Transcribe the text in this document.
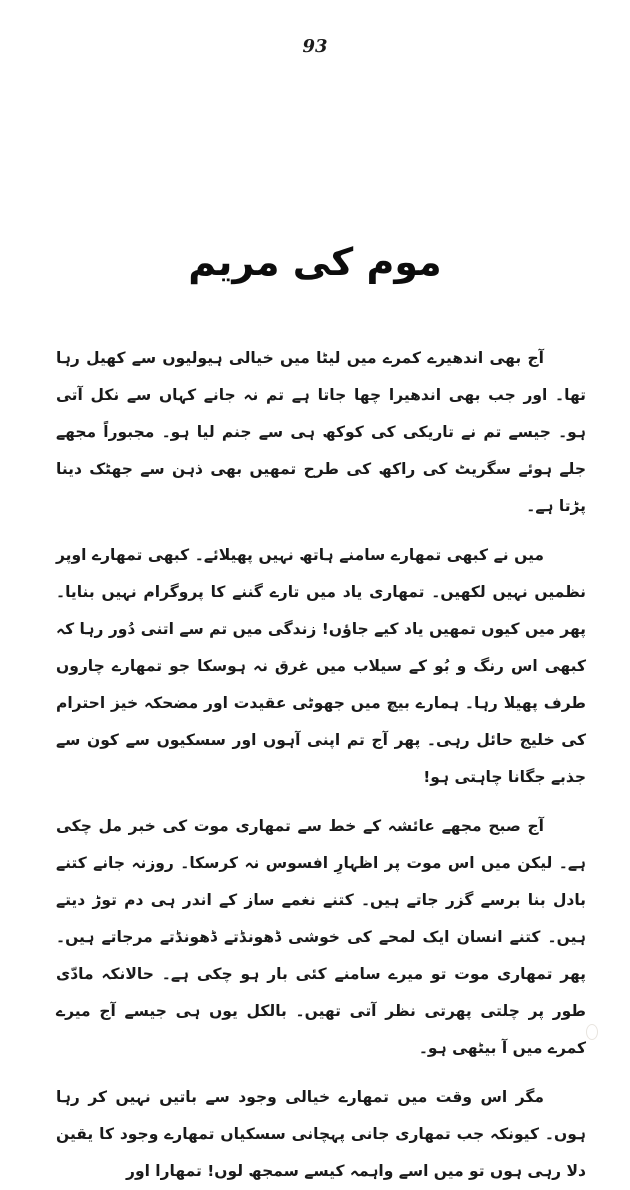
93
موم کی مریم

آج بھی اندھیرے کمرے میں لیٹا میں خیالی ہیولیوں سے کھیل رہا تھا۔ اور جب بھی اندھیرا چھا جاتا ہے تم نہ جانے کہاں سے نکل آتی ہو۔ جیسے تم نے تاریکی کی کوکھ ہی سے جنم لیا ہو۔ مجبوراً مجھے جلے ہوئے سگریٹ کی راکھ کی طرح تمھیں بھی ذہن سے جھٹک دینا پڑتا ہے۔

میں نے کبھی تمھارے سامنے ہاتھ نہیں پھیلائے۔ کبھی تمھارے اوپر نظمیں نہیں لکھیں۔ تمھاری یاد میں تارے گننے کا پروگرام نہیں بنایا۔ پھر میں کیوں تمھیں یاد کیے جاؤں! زندگی میں تم سے اتنی دُور رہا کہ کبھی اس رنگ و بُو کے سیلاب میں غرق نہ ہوسکا جو تمھارے چاروں طرف پھیلا رہا۔ ہمارے بیچ میں جھوٹی عقیدت اور مضحکہ خیز احترام کی خلیج حائل رہی۔ پھر آج تم اپنی آہوں اور سسکیوں سے کون سے جذبے جگانا چاہتی ہو!

آج صبح مجھے عائشہ کے خط سے تمھاری موت کی خبر مل چکی ہے۔ لیکن میں اس موت پر اظہارِ افسوس نہ کرسکا۔ روزنہ جانے کتنے بادل بنا برسے گزر جاتے ہیں۔ کتنے نغمے ساز کے اندر ہی دم توڑ دیتے ہیں۔ کتنے انسان ایک لمحے کی خوشی ڈھونڈتے ڈھونڈتے مرجاتے ہیں۔ پھر تمھاری موت تو میرے سامنے کئی بار ہو چکی ہے۔ حالانکہ مادّی طور پر چلتی پھرتی نظر آتی تھیں۔ بالکل یوں ہی جیسے آج میرے کمرے میں آ بیٹھی ہو۔

مگر اس وقت میں تمھارے خیالی وجود سے باتیں نہیں کر رہا ہوں۔ کیونکہ جب تمھاری جانی پہچانی سسکیاں تمھارے وجود کا یقین دلا رہی ہوں تو میں اسے واہمہ کیسے سمجھ لوں! تمھارا اور
